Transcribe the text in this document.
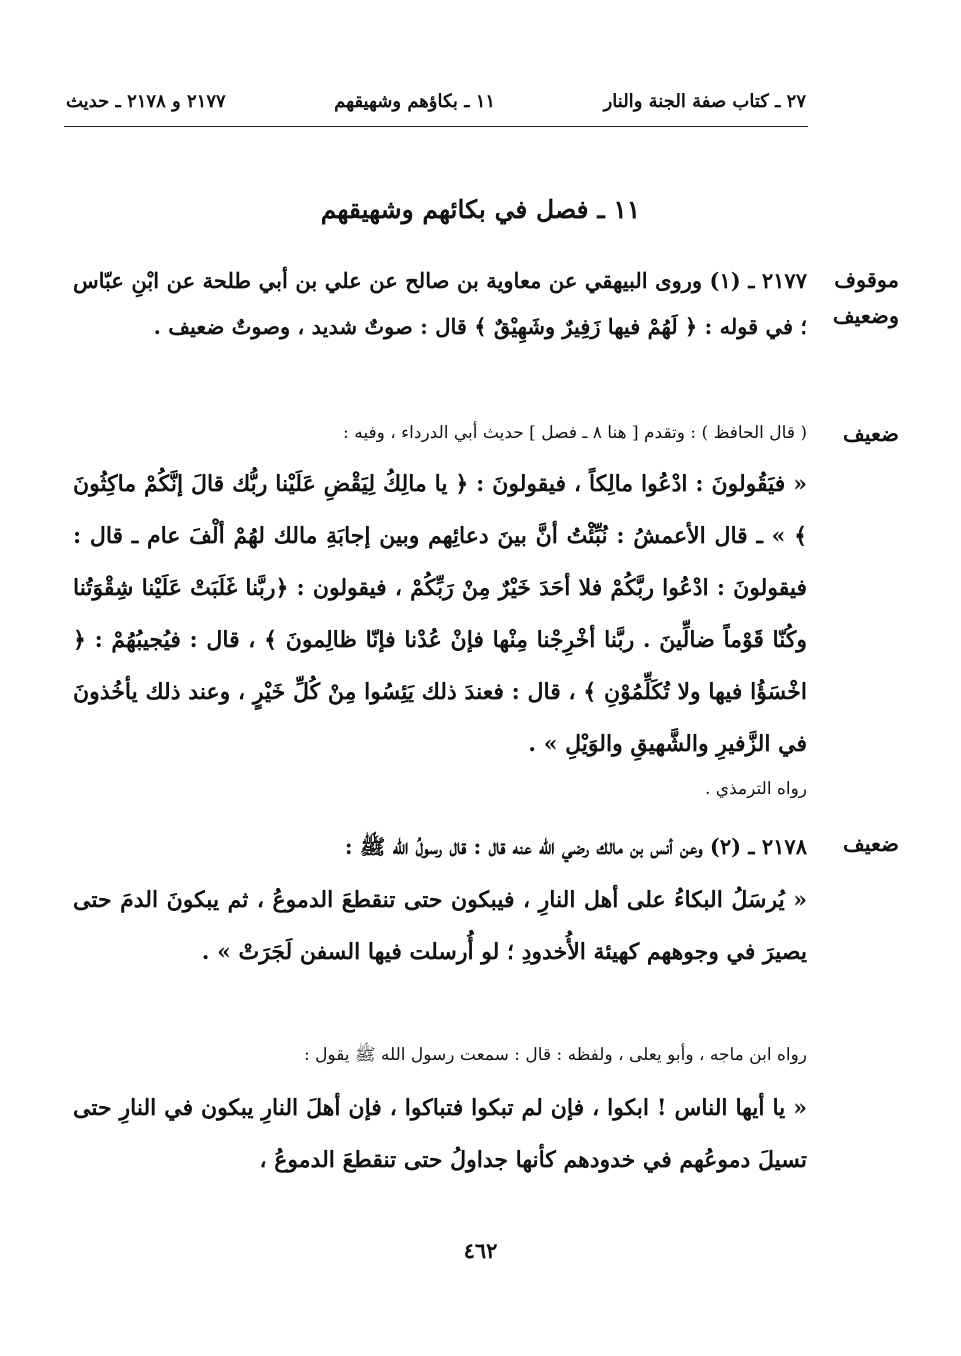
٢٧ ـ كتاب صفة الجنة والنار
١١ ـ بكاؤهم وشهيقهم
٢١٧٧ و ٢١٧٨ ـ حديث
١١ ـ فصل في بكائهم وشهيقهم
موقوف
وضعيف
٢١٧٧ ـ (١) وروى البيهقي عن معاوية بن صالح عن علي بن أبي طلحة عن ابْنِ عبّاس ؛ في قوله : ﴿ لَهُمْ فيها زَفِيرٌ وشَهِيْقٌ ﴾ قال : صوتٌ شديد ، وصوتٌ ضعيف .
ضعيف
( قال الحافظ ) : وتقدم [ هنا ٨ ـ فصل ] حديث أبي الدرداء ، وفيه :
« فيَقُولونَ : ادْعُوا مالِكاً ، فيقولونَ : ﴿ يا مالِكُ لِيَقْضِ عَلَيْنا ربُّك قالَ إنَّكُمْ ماكِثُونَ ﴾ » ـ قال الأعمشُ : نُبِّئْتُ أنَّ بينَ دعائِهم وبين إجابَةِ مالك لهُمْ ألْفَ عام ـ قال : فيقولونَ : ادْعُوا ربَّكُمْ فلا أحَدَ خَيْرٌ مِنْ رَبِّكُمْ ، فيقولون : ﴿ربَّنا غَلَبَتْ عَلَيْنا شِقْوَتُنا وكُنّا قَوْماً ضالِّينَ . ربَّنا أخْرِجْنا مِنْها فإنْ عُدْنا فإنّا ظالِمونَ ﴾ ، قال : فيُجيبُهُمْ : ﴿ اخْسَؤُا فيها ولا تُكَلِّمُوْنِ ﴾ ، قال : فعندَ ذلك يَئِسُوا مِنْ كُلِّ خَيْرٍ ، وعند ذلك يأخُذونَ في الزَّفيرِ والشَّهيقِ والوَيْلِ » .
رواه الترمذي .
ضعيف
٢١٧٨ ـ (٢) وعن أنس بن مالك رضي الله عنه قال : قال رسولُ الله ﷺ :
« يُرسَلُ البكاءُ على أهل النارِ ، فيبكون حتى تنقطعَ الدموعُ ، ثم يبكونَ الدمَ حتى يصيرَ في وجوههم كهيئة الأُخدودِ ؛ لو أُرسلت فيها السفن لَجَرَتْ » .
رواه ابن ماجه ، وأبو يعلى ، ولفظه : قال : سمعت رسول الله ﷺ يقول :
« يا أيها الناس ! ابكوا ، فإن لم تبكوا فتباكوا ، فإن أهلَ النارِ يبكون في النارِ حتى تسيلَ دموعُهم في خدودهم كأنها جداولُ حتى تنقطعَ الدموعُ ،
٤٦٢
